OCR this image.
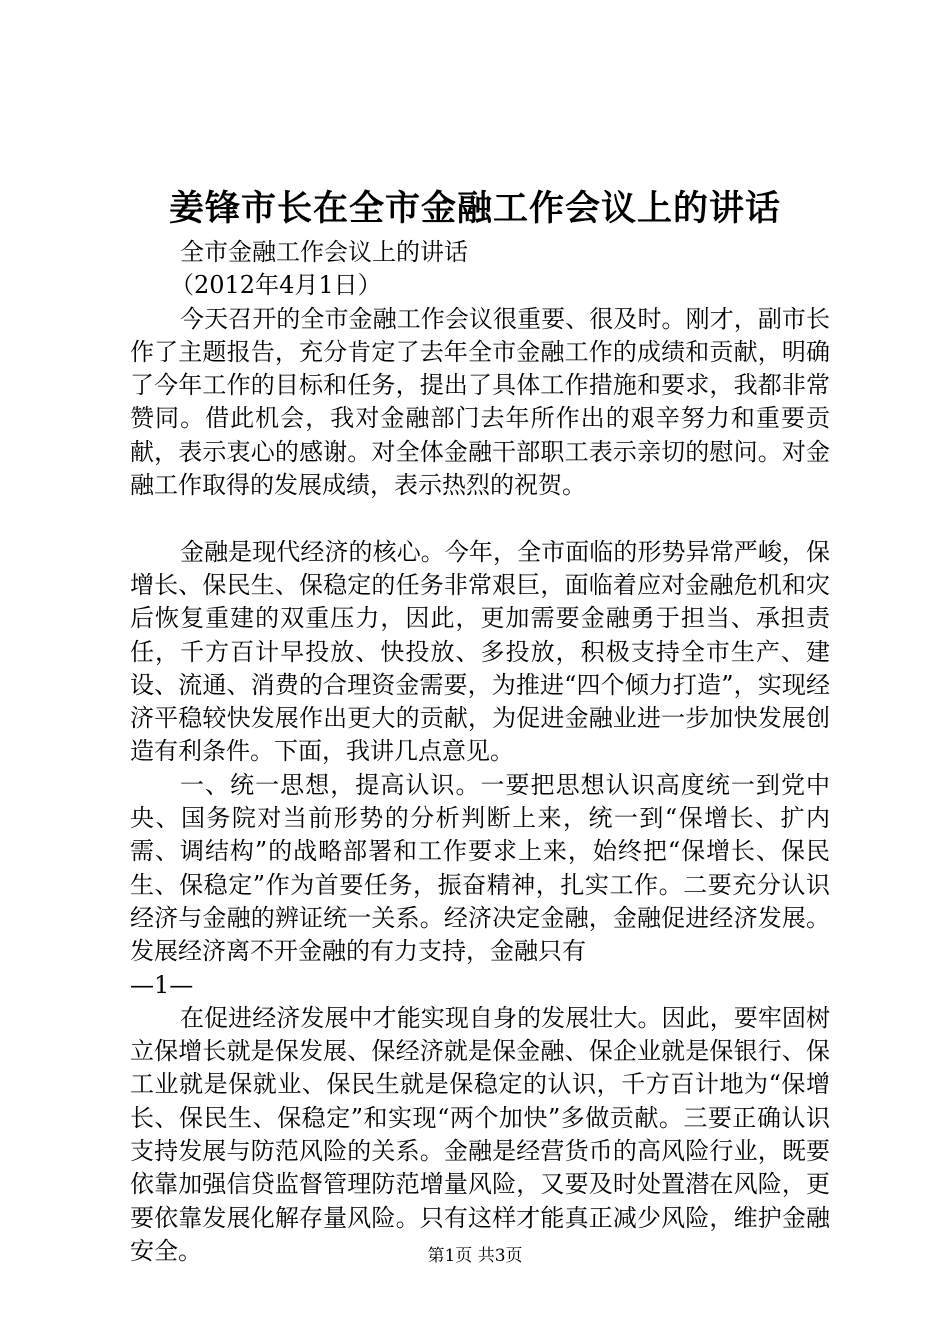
姜锋市长在全市金融工作会议上的讲话
全市金融工作会议上的讲话
（2012年4月1日）

今天召开的全市金融工作会议很重要、很及时。刚才，副市长作了主题报告，充分肯定了去年全市金融工作的成绩和贡献，明确了今年工作的目标和任务，提出了具体工作措施和要求，我都非常赞同。借此机会，我对金融部门去年所作出的艰辛努力和重要贡献，表示衷心的感谢。对全体金融干部职工表示亲切的慰问。对金融工作取得的发展成绩，表示热烈的祝贺。

金融是现代经济的核心。今年，全市面临的形势异常严峻，保增长、保民生、保稳定的任务非常艰巨，面临着应对金融危机和灾后恢复重建的双重压力，因此，更加需要金融勇于担当、承担责任，千方百计早投放、快投放、多投放，积极支持全市生产、建设、流通、消费的合理资金需要，为推进“四个倾力打造”，实现经济平稳较快发展作出更大的贡献，为促进金融业进一步加快发展创造有利条件。下面，我讲几点意见。

一、统一思想，提高认识。一要把思想认识高度统一到党中央、国务院对当前形势的分析判断上来，统一到“保增长、扩内需、调结构”的战略部署和工作要求上来，始终把“保增长、保民生、保稳定”作为首要任务，振奋精神，扎实工作。二要充分认识经济与金融的辨证统一关系。经济决定金融，金融促进经济发展。发展经济离不开金融的有力支持，金融只有

—1—

在促进经济发展中才能实现自身的发展壮大。因此，要牢固树立保增长就是保发展、保经济就是保金融、保企业就是保银行、保工业就是保就业、保民生就是保稳定的认识，千方百计地为“保增长、保民生、保稳定”和实现“两个加快”多做贡献。三要正确认识支持发展与防范风险的关系。金融是经营货币的高风险行业，既要依靠加强信贷监督管理防范增量风险，又要及时处置潜在风险，更要依靠发展化解存量风险。只有这样才能真正减少风险，维护金融安全。	第1页 共3页
